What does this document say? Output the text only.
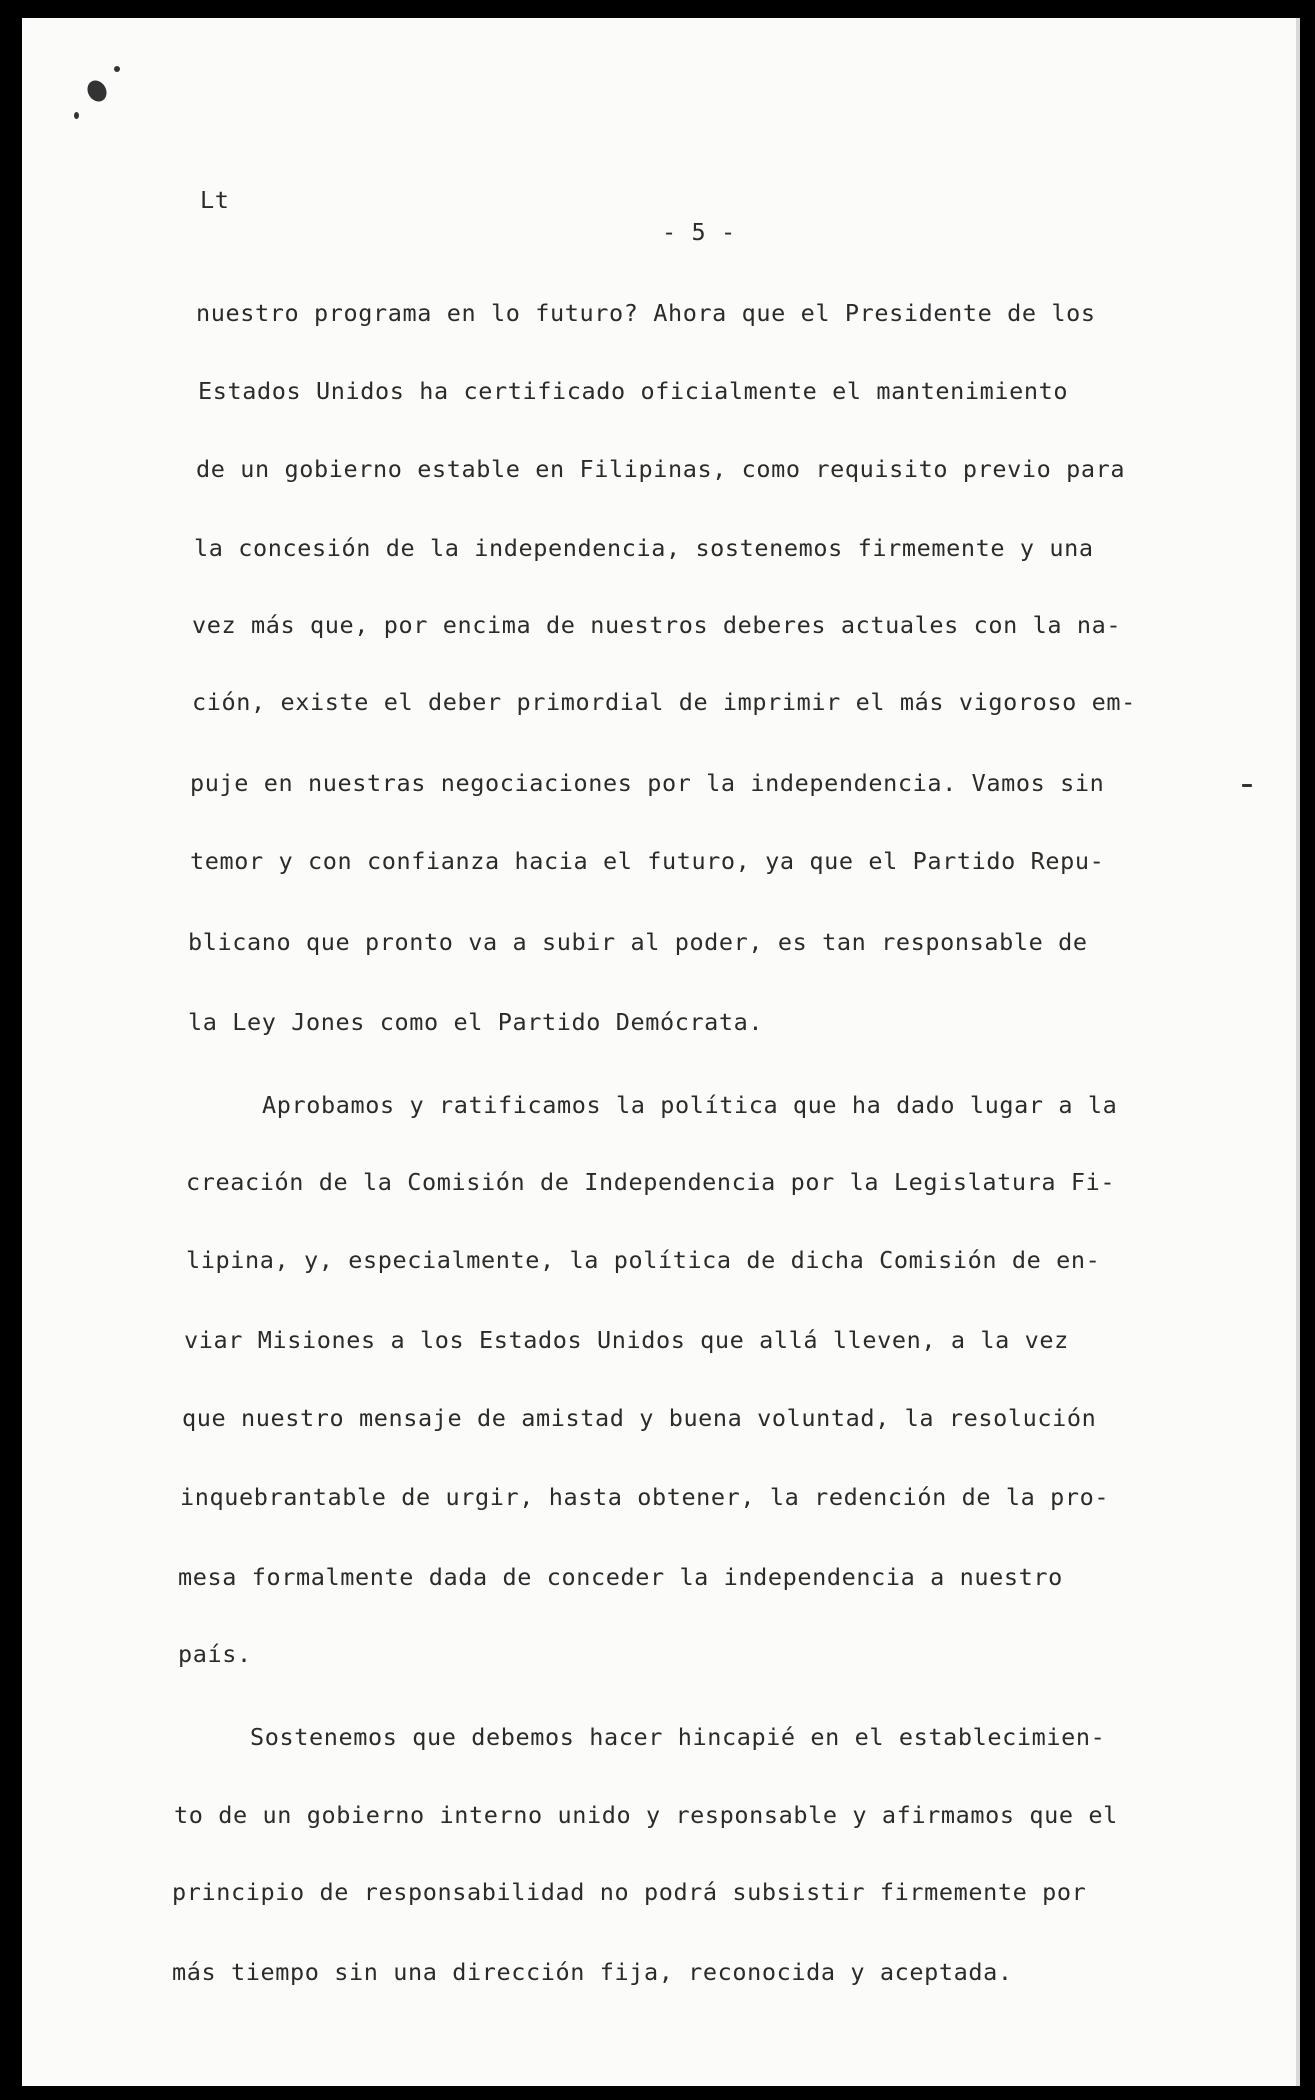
Lt
- 5 -
nuestro programa en lo futuro? Ahora que el Presidente de los
Estados Unidos ha certificado oficialmente el mantenimiento
de un gobierno estable en Filipinas, como requisito previo para
la concesión de la independencia, sostenemos firmemente y una
vez más que, por encima de nuestros deberes actuales con la na-
ción, existe el deber primordial de imprimir el más vigoroso em-
puje en nuestras negociaciones por la independencia. Vamos sin
temor y con confianza hacia el futuro, ya que el Partido Repu-
blicano que pronto va a subir al poder, es tan responsable de
la Ley Jones como el Partido Demócrata.
Aprobamos y ratificamos la política que ha dado lugar a la
creación de la Comisión de Independencia por la Legislatura Fi-
lipina, y, especialmente, la política de dicha Comisión de en-
viar Misiones a los Estados Unidos que allá lleven, a la vez
que nuestro mensaje de amistad y buena voluntad, la resolución
inquebrantable de urgir, hasta obtener, la redención de la pro-
mesa formalmente dada de conceder la independencia a nuestro
país.
Sostenemos que debemos hacer hincapié en el establecimien-
to de un gobierno interno unido y responsable y afirmamos que el
principio de responsabilidad no podrá subsistir firmemente por
más tiempo sin una dirección fija, reconocida y aceptada.
